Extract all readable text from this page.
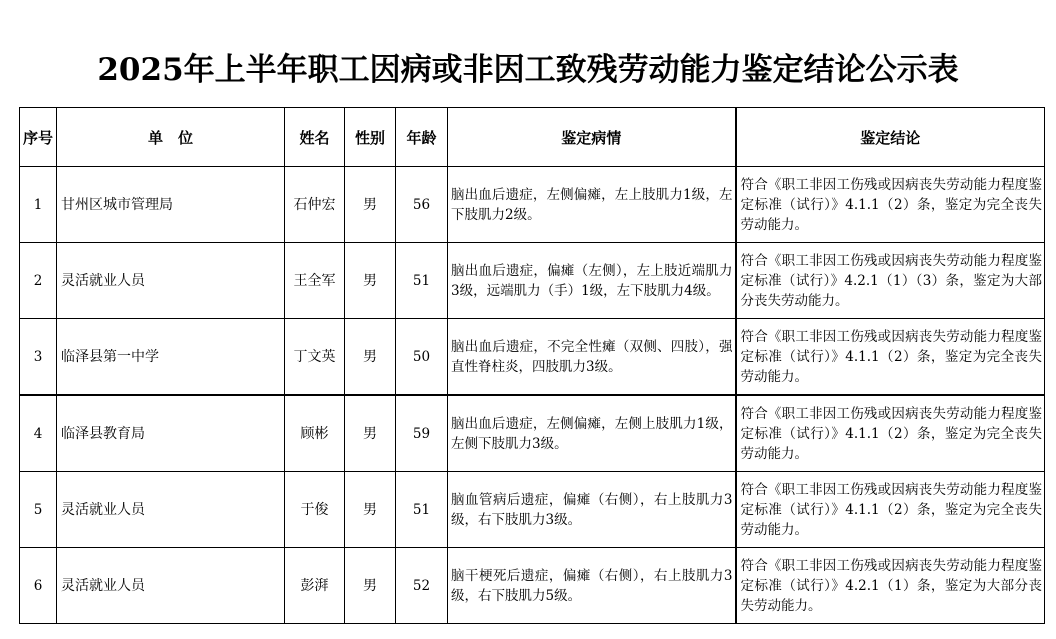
2025年上半年职工因病或非因工致残劳动能力鉴定结论公示表
序号	单　位	姓名	性别	年龄	鉴定病情	鉴定结论
1	甘州区城市管理局	石仲宏	男	56	脑出血后遗症，左侧偏瘫，左上肢肌力1级，左下肢肌力2级。	符合《职工非因工伤残或因病丧失劳动能力程度鉴定标准（试行）》4.1.1（2）条，鉴定为完全丧失劳动能力。
2	灵活就业人员	王全军	男	51	脑出血后遗症，偏瘫（左侧），左上肢近端肌力3级，远端肌力（手）1级，左下肢肌力4级。	符合《职工非因工伤残或因病丧失劳动能力程度鉴定标准（试行）》4.2.1（1）（3）条，鉴定为大部分丧失劳动能力。
3	临泽县第一中学	丁文英	男	50	脑出血后遗症，不完全性瘫（双侧、四肢），强直性脊柱炎，四肢肌力3级。	符合《职工非因工伤残或因病丧失劳动能力程度鉴定标准（试行）》4.1.1（2）条，鉴定为完全丧失劳动能力。
4	临泽县教育局	顾彬	男	59	脑出血后遗症，左侧偏瘫，左侧上肢肌力1级，左侧下肢肌力3级。	符合《职工非因工伤残或因病丧失劳动能力程度鉴定标准（试行）》4.1.1（2）条，鉴定为完全丧失劳动能力。
5	灵活就业人员	于俊	男	51	脑血管病后遗症，偏瘫（右侧），右上肢肌力3级，右下肢肌力3级。	符合《职工非因工伤残或因病丧失劳动能力程度鉴定标准（试行）》4.1.1（2）条，鉴定为完全丧失劳动能力。
6	灵活就业人员	彭湃	男	52	脑干梗死后遗症，偏瘫（右侧），右上肢肌力3级，右下肢肌力5级。	符合《职工非因工伤残或因病丧失劳动能力程度鉴定标准（试行）》4.2.1（1）条，鉴定为大部分丧失劳动能力。
